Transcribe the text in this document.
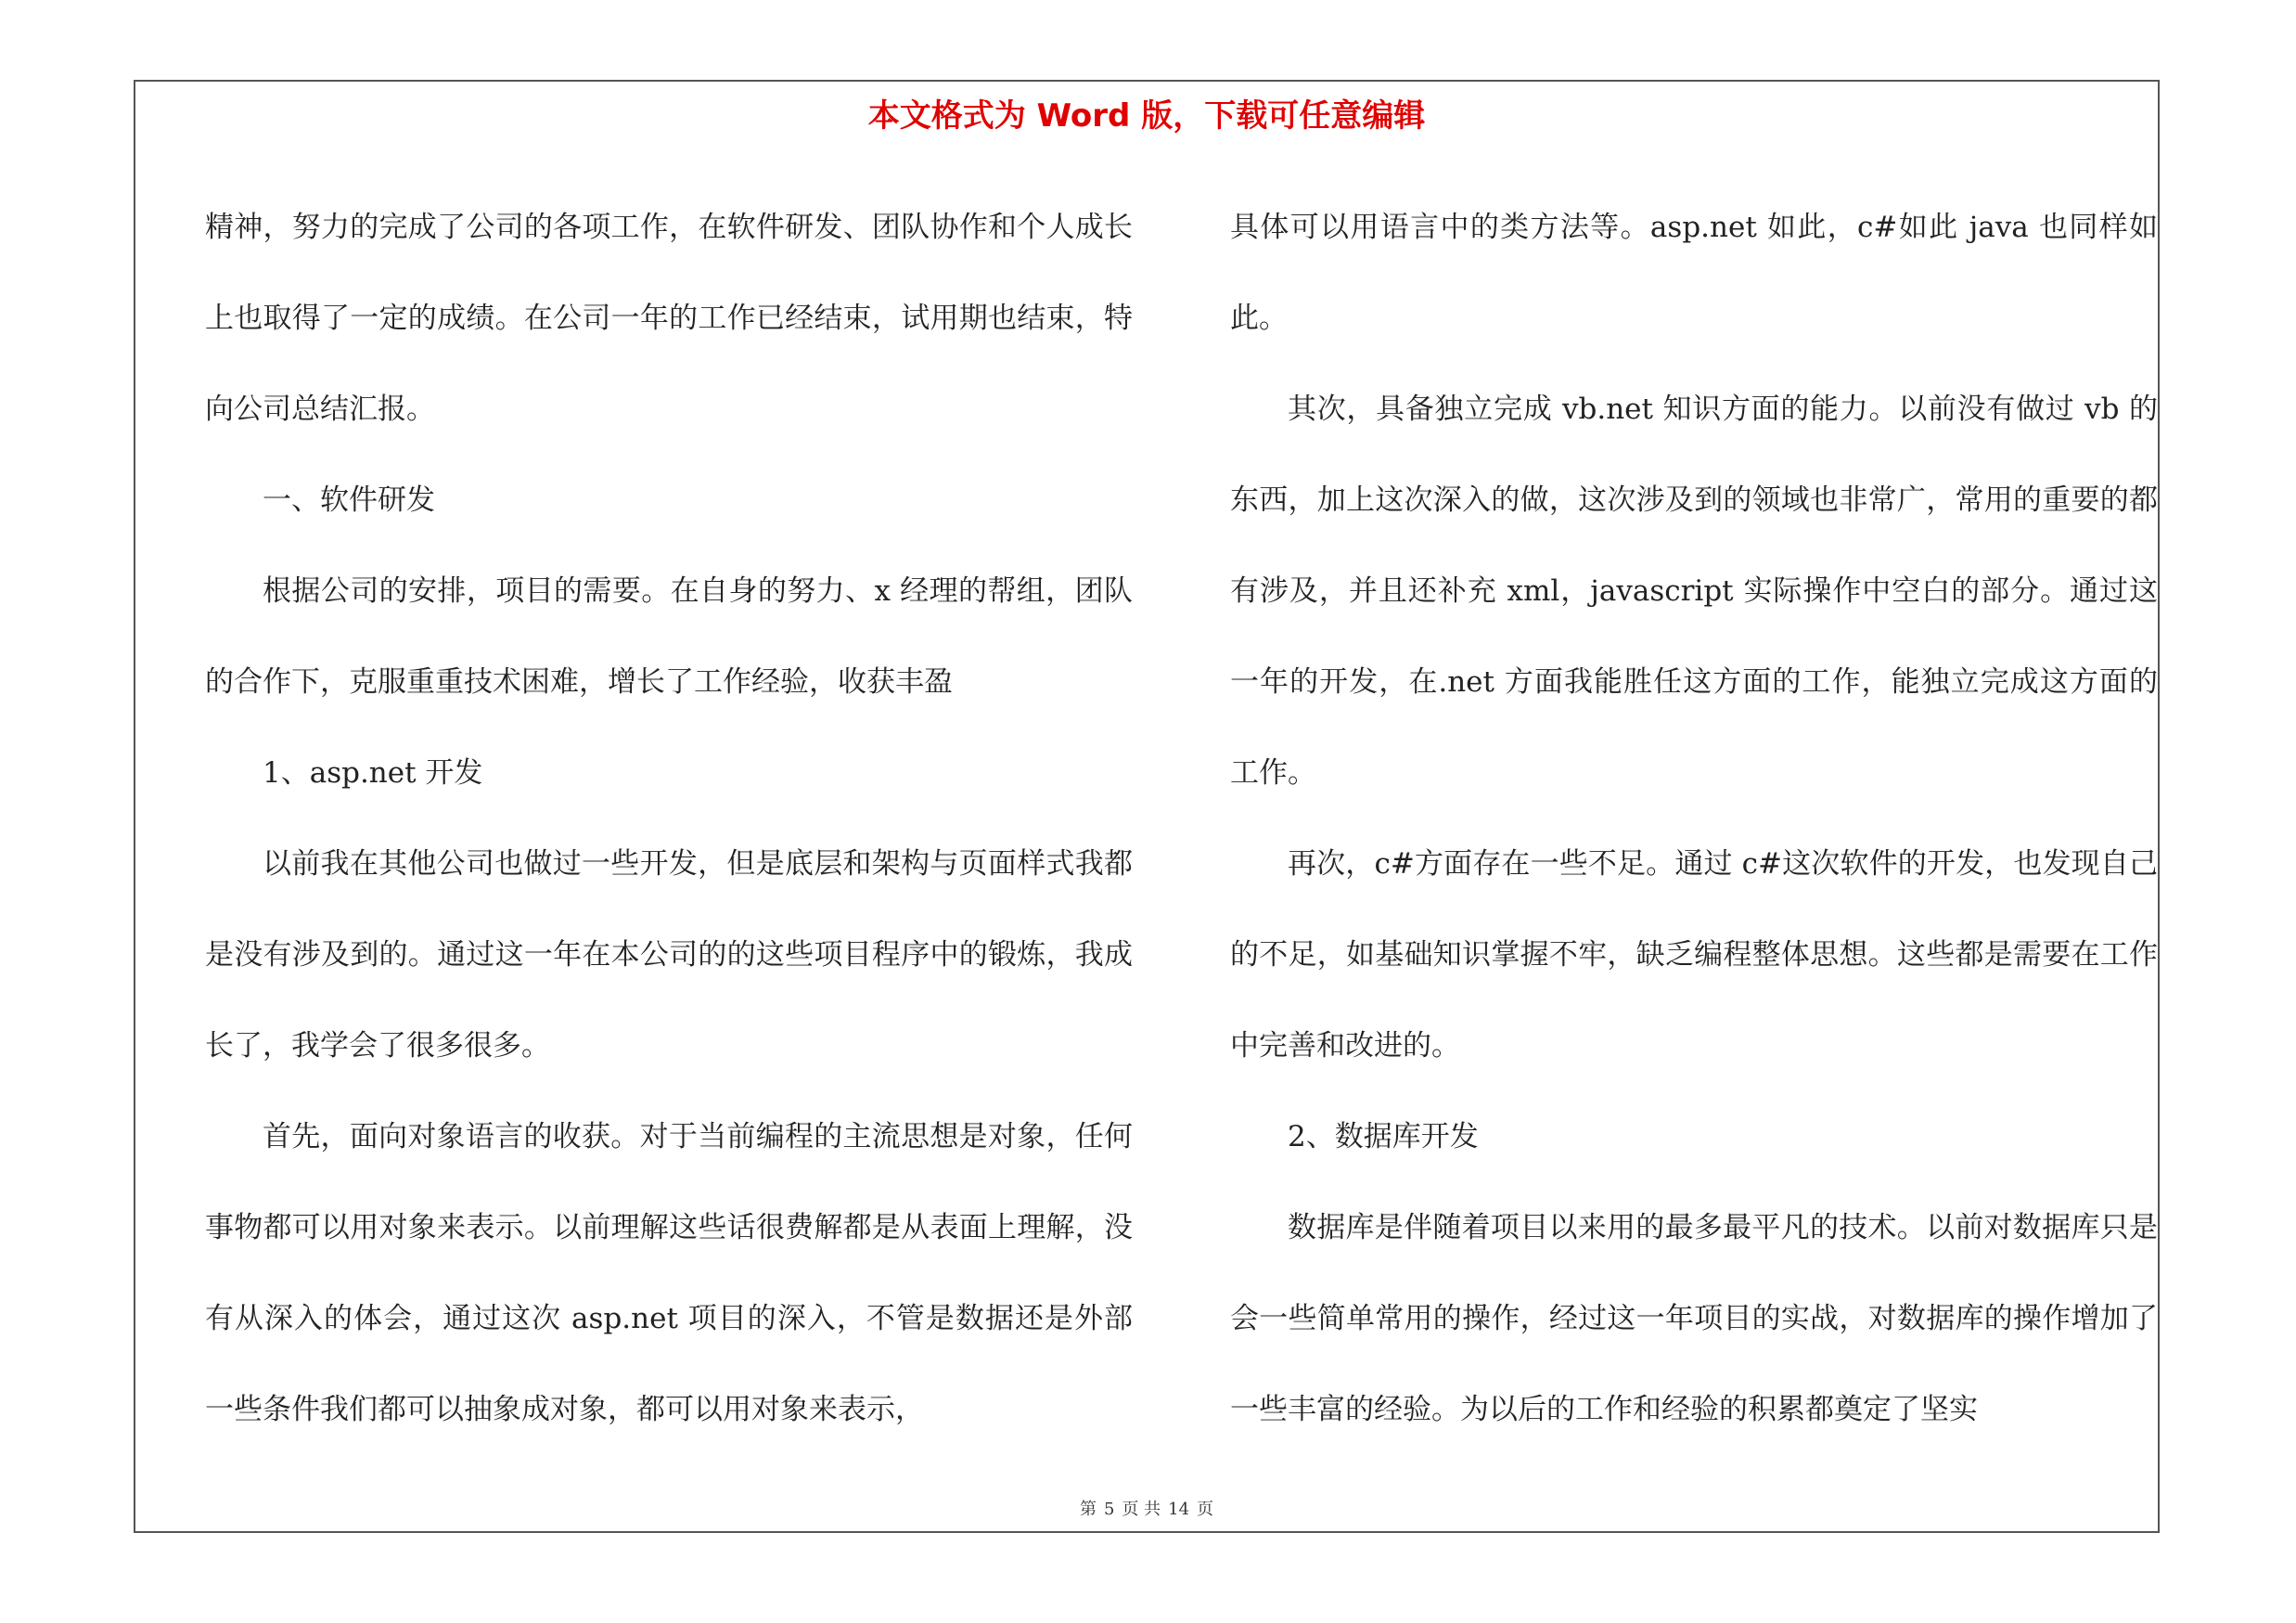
本文格式为 Word 版，下载可任意编辑

精神，努力的完成了公司的各项工作，在软件研发、团队协作和个人成长上也取得了一定的成绩。在公司一年的工作已经结束，试用期也结束，特向公司总结汇报。

一、软件研发

根据公司的安排，项目的需要。在自身的努力、x 经理的帮组，团队的合作下，克服重重技术困难，增长了工作经验，收获丰盈

1、asp.net 开发

以前我在其他公司也做过一些开发，但是底层和架构与页面样式我都是没有涉及到的。通过这一年在本公司的的这些项目程序中的锻炼，我成长了，我学会了很多很多。

首先，面向对象语言的收获。对于当前编程的主流思想是对象，任何事物都可以用对象来表示。以前理解这些话很费解都是从表面上理解，没有从深入的体会，通过这次 asp.net 项目的深入，不管是数据还是外部一些条件我们都可以抽象成对象，都可以用对象来表示，

具体可以用语言中的类方法等。asp.net 如此，c#如此 java 也同样如此。

其次，具备独立完成 vb.net 知识方面的能力。以前没有做过 vb 的东西，加上这次深入的做，这次涉及到的领域也非常广，常用的重要的都有涉及，并且还补充 xml，javascript 实际操作中空白的部分。通过这一年的开发，在.net 方面我能胜任这方面的工作，能独立完成这方面的工作。

再次，c#方面存在一些不足。通过 c#这次软件的开发，也发现自己的不足，如基础知识掌握不牢，缺乏编程整体思想。这些都是需要在工作中完善和改进的。

2、数据库开发

数据库是伴随着项目以来用的最多最平凡的技术。以前对数据库只是会一些简单常用的操作，经过这一年项目的实战，对数据库的操作增加了一些丰富的经验。为以后的工作和经验的积累都奠定了坚实

第 5 页 共 14 页
